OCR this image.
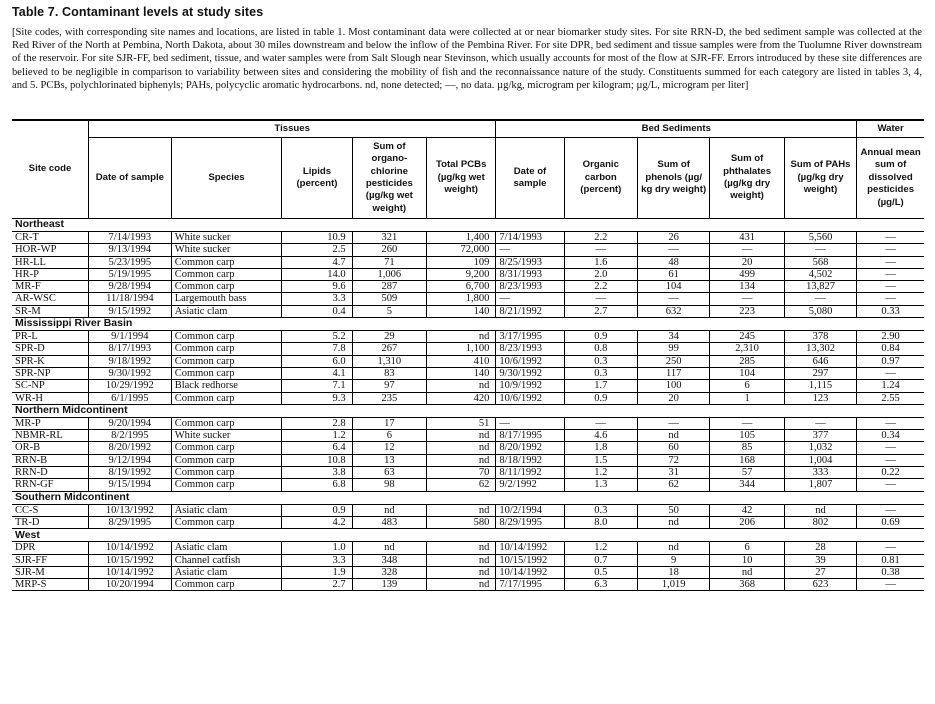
Table 7. Contaminant levels at study sites
[Site codes, with corresponding site names and locations, are listed in table 1. Most contaminant data were collected at or near biomarker study sites. For site RRN-D, the bed sediment sample was collected at the Red River of the North at Pembina, North Dakota, about 30 miles downstream and below the inflow of the Pembina River. For site DPR, bed sediment and tissue samples were from the Tuolumne River downstream of the reservoir. For site SJR-FF, bed sediment, tissue, and water samples were from Salt Slough near Stevinson, which usually accounts for most of the flow at SJR-FF. Errors introduced by these site differences are believed to be negligible in comparison to variability between sites and considering the mobility of fish and the reconnaissance nature of the study. Constituents summed for each category are listed in tables 3, 4, and 5. PCBs, polychlorinated biphenyls; PAHs, polycyclic aromatic hydrocarbons. nd, none detected; —, no data. µg/kg, microgram per kilogram; µg/L, microgram per liter]
Site code	Tissues					Bed Sediments					Water
	Date of sample	Species	Lipids (percent)	Sum of organo-chlorine pesticides (µg/kg wet weight)	Total PCBs (µg/kg wet weight)	Date of sample	Organic carbon (percent)	Sum of phenols (µg/ kg dry weight)	Sum of phthalates (µg/kg dry weight)	Sum of PAHs (µg/kg dry weight)	Annual mean sum of dissolved pesticides (µg/L)
Northeast											
CR-T	7/14/1993	White sucker	10.9	321	1,400	7/14/1993	2.2	26	431	5,560	—
HOR-WP	9/13/1994	White sucker	2.5	260	72,000	—	—	—	—	—	—
HR-LL	5/23/1995	Common carp	4.7	71	109	8/25/1993	1.6	48	20	568	—
HR-P	5/19/1995	Common carp	14.0	1,006	9,200	8/31/1993	2.0	61	499	4,502	—
MR-F	9/28/1994	Common carp	9.6	287	6,700	8/23/1993	2.2	104	134	13,827	—
AR-WSC	11/18/1994	Largemouth bass	3.3	509	1,800	—	—	—	—	—	—
SR-M	9/15/1992	Asiatic clam	0.4	5	140	8/21/1992	2.7	632	223	5,080	0.33
Mississippi River Basin											
PR-L	9/1/1994	Common carp	5.2	29	nd	3/17/1995	0.9	34	245	378	2.90
SPR-D	8/17/1993	Common carp	7.8	267	1,100	8/23/1993	0.8	99	2,310	13,302	0.84
SPR-K	9/18/1992	Common carp	6.0	1,310	410	10/6/1992	0.3	250	285	646	0.97
SPR-NP	9/30/1992	Common carp	4.1	83	140	9/30/1992	0.3	117	104	297	—
SC-NP	10/29/1992	Black redhorse	7.1	97	nd	10/9/1992	1.7	100	6	1,115	1.24
WR-H	6/1/1995	Common carp	9.3	235	420	10/6/1992	0.9	20	1	123	2.55
Northern Midcontinent											
MR-P	9/20/1994	Common carp	2.8	17	51	—	—	—	—	—	—
NBMR-RL	8/2/1995	White sucker	1.2	6	nd	8/17/1995	4.6	nd	105	377	0.34
OR-B	8/20/1992	Common carp	6.4	12	nd	8/20/1992	1.8	60	85	1,032	—
RRN-B	9/12/1994	Common carp	10.8	13	nd	8/18/1992	1.5	72	168	1,004	—
RRN-D	8/19/1992	Common carp	3.8	63	70	8/11/1992	1.2	31	57	333	0.22
RRN-GF	9/15/1994	Common carp	6.8	98	62	9/2/1992	1.3	62	344	1,807	—
Southern Midcontinent											
CC-S	10/13/1992	Asiatic clam	0.9	nd	nd	10/2/1994	0.3	50	42	nd	—
TR-D	8/29/1995	Common carp	4.2	483	580	8/29/1995	8.0	nd	206	802	0.69
West											
DPR	10/14/1992	Asiatic clam	1.0	nd	nd	10/14/1992	1.2	nd	6	28	—
SJR-FF	10/15/1992	Channel catfish	3.3	348	nd	10/15/1992	0.7	9	10	39	0.81
SJR-M	10/14/1992	Asiatic clam	1.9	328	nd	10/14/1992	0.5	18	nd	27	0.38
MRP-S	10/20/1994	Common carp	2.7	139	nd	7/17/1995	6.3	1,019	368	623	—
